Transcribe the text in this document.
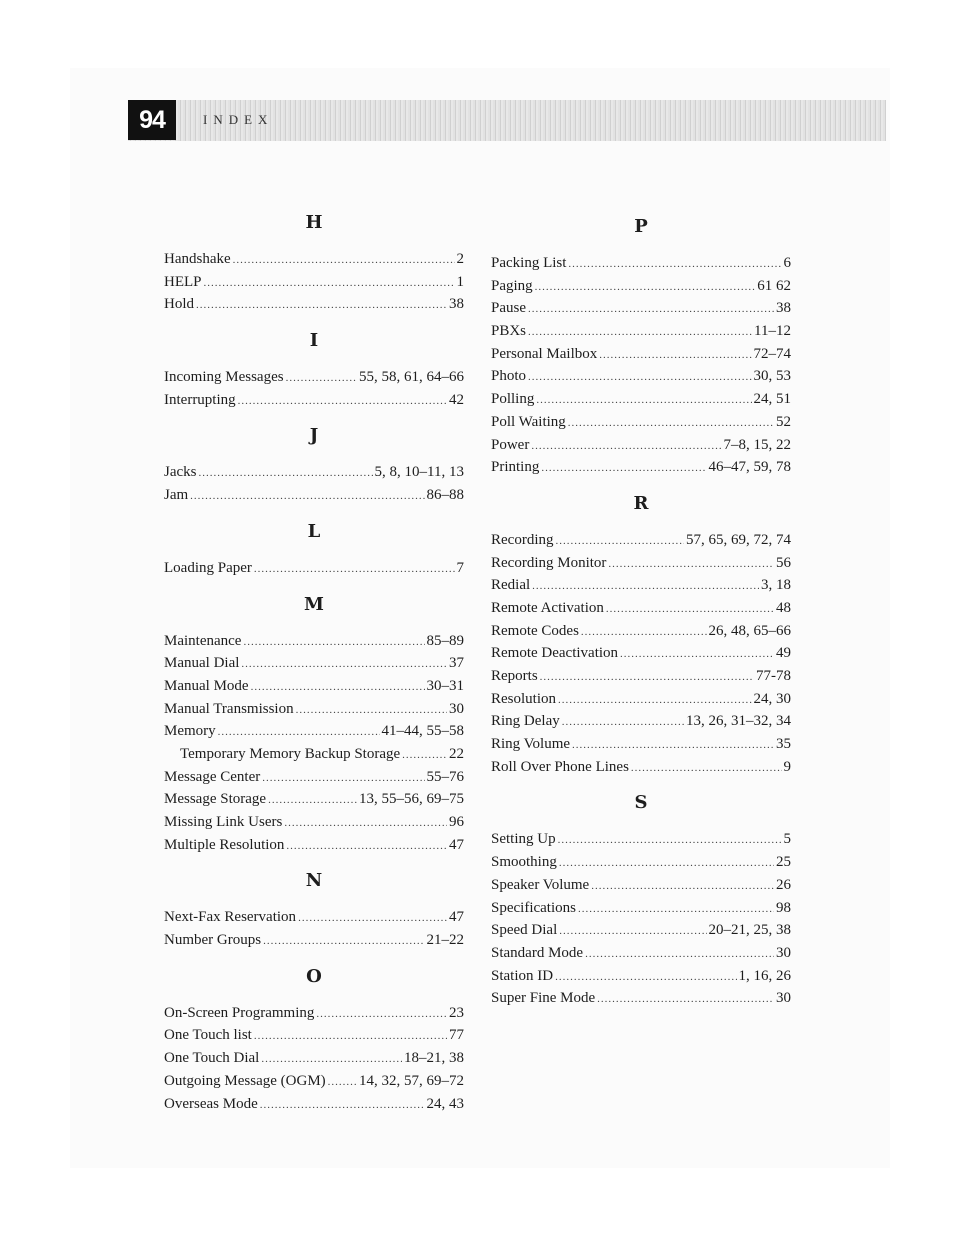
94	INDEX
H
Handshake .....	2
HELP .....	1
Hold .....	38
I
Incoming Messages .....	55, 58, 61, 64–66
Interrupting .....	42
J
Jacks .....	5, 8, 10–11, 13
Jam .....	86–88
L
Loading Paper .....	7
M
Maintenance .....	85–89
Manual Dial .....	37
Manual Mode .....	30–31
Manual Transmission .....	30
Memory .....	41–44, 55–58
Temporary Memory Backup Storage .....	22
Message Center .....	55–76
Message Storage .....	13, 55–56, 69–75
Missing Link Users .....	96
Multiple Resolution .....	47
N
Next-Fax Reservation .....	47
Number Groups .....	21–22
O
On-Screen Programming .....	23
One Touch list .....	77
One Touch Dial .....	18–21, 38
Outgoing Message (OGM) ..... 14, 32, 57, 69–72
Overseas Mode .....	24, 43
P
Packing List .....	6
Paging .....	61 62
Pause .....	38
PBXs .....	11–12
Personal Mailbox .....	72–74
Photo .....	30, 53
Polling .....	24, 51
Poll Waiting .....	52
Power .....	7–8, 15, 22
Printing .....	46–47, 59, 78
R
Recording .....	57, 65, 69, 72, 74
Recording Monitor .....	56
Redial .....	3, 18
Remote Activation .....	48
Remote Codes .....	26, 48, 65–66
Remote Deactivation .....	49
Reports .....	77-78
Resolution .....	24, 30
Ring Delay .....	13, 26, 31–32, 34
Ring Volume .....	35
Roll Over Phone Lines .....	9
S
Setting Up .....	5
Smoothing .....	25
Speaker Volume .....	26
Specifications .....	98
Speed Dial .....	20–21, 25, 38
Standard Mode .....	30
Station ID .....	1, 16, 26
Super Fine Mode .....	30
